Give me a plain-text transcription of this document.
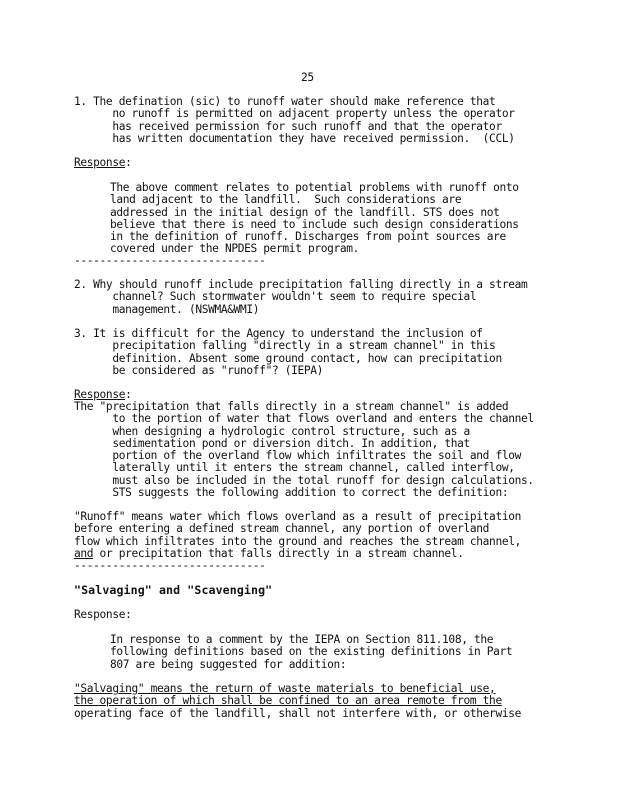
25
1. The defination (sic) to runoff water should make reference that
no runoff is permitted on adjacent property unless the operator
has received permission for such runoff and that the operator
has written documentation they have received permission.  (CCL)
Response:
The above comment relates to potential problems with runoff onto
land adjacent to the landfill.  Such considerations are
addressed in the initial design of the landfill. STS does not
believe that there is need to include such design considerations
in the definition of runoff. Discharges from point sources are
covered under the NPDES permit program.
------------------------------
2. Why should runoff include precipitation falling directly in a stream
channel? Such stormwater wouldn't seem to require special
management. (NSWMA&WMI)
3. It is difficult for the Agency to understand the inclusion of
precipitation falling "directly in a stream channel" in this
definition. Absent some ground contact, how can precipitation
be considered as "runoff"? (IEPA)
Response:
The "precipitation that falls directly in a stream channel" is added
to the portion of water that flows overland and enters the channel
when designing a hydrologic control structure, such as a
sedimentation pond or diversion ditch. In addition, that
portion of the overland flow which infiltrates the soil and flow
laterally until it enters the stream channel, called interflow,
must also be included in the total runoff for design calculations.
STS suggests the following addition to correct the definition:
"Runoff" means water which flows overland as a result of precipitation
before entering a defined stream channel, any portion of overland
flow which infiltrates into the ground and reaches the stream channel,
and or precipitation that falls directly in a stream channel.
------------------------------
"Salvaging" and "Scavenging"
Response:
In response to a comment by the IEPA on Section 811.108, the
following definitions based on the existing definitions in Part
807 are being suggested for addition:
"Salvaging" means the return of waste materials to beneficial use,
the operation of which shall be confined to an area remote from the
operating face of the landfill, shall not interfere with, or otherwise
